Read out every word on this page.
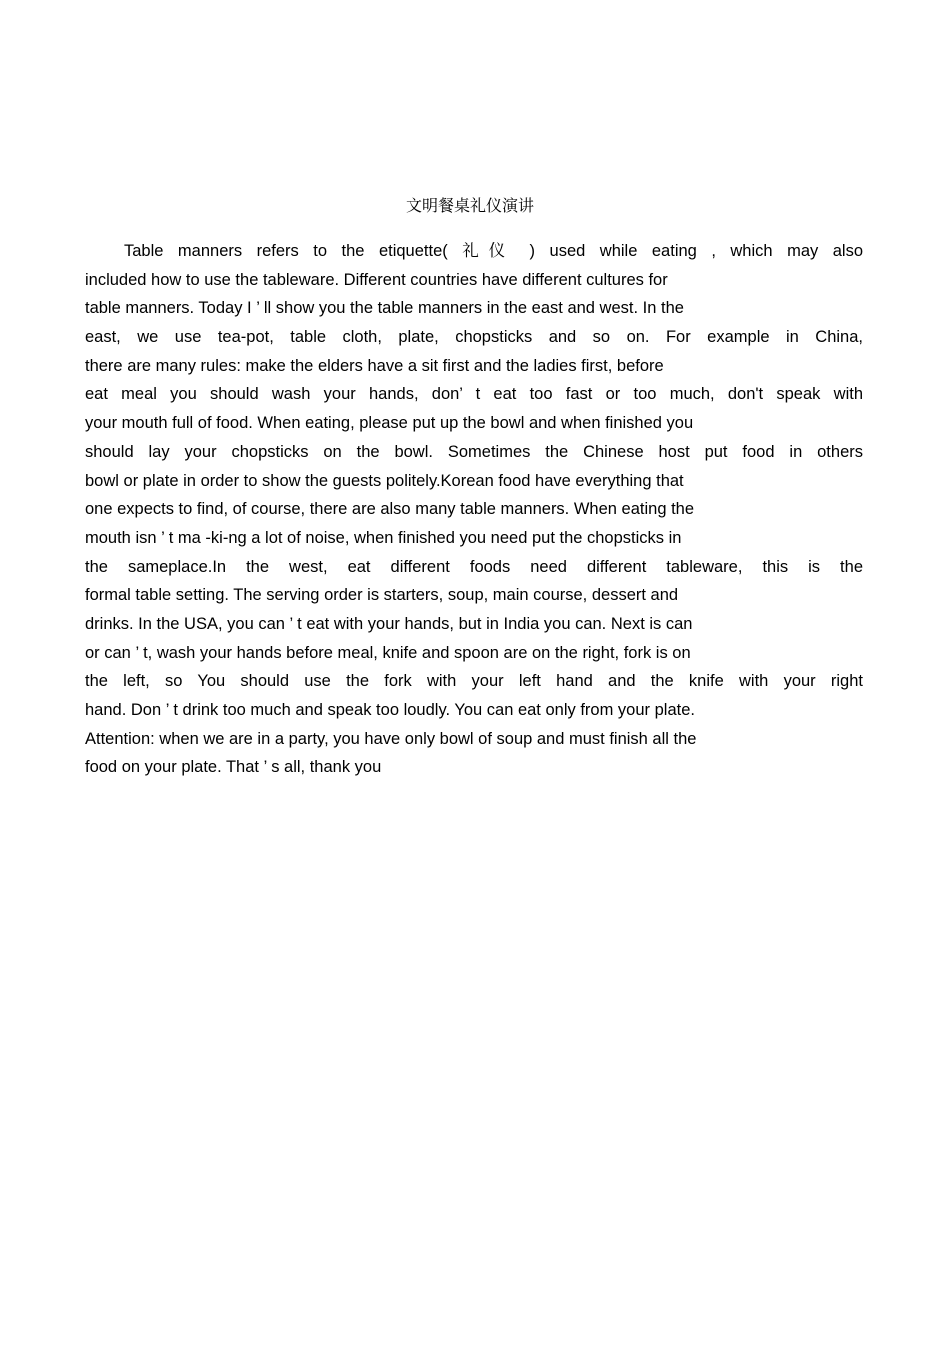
文明餐桌礼仪演讲
Table manners refers to the etiquette( 礼仪 ) used while eating , which may also
included how to use the tableware. Different countries have different cultures for
table manners. Today I ’ ll show you the table manners in the east and west. In the
east, we use tea-pot, table cloth, plate, chopsticks and so on. For example in China,
there are many rules: make the elders have a sit first and the ladies first, before
eat meal you should wash your hands, don’ t eat too fast or too much, don't speak with
your mouth full of food. When eating, please put up the bowl and when finished you
should lay your chopsticks on the bowl. Sometimes the Chinese host put food in others
bowl or plate in order to show the guests politely.Korean food have everything that
one expects to find, of course, there are also many table manners. When eating the
mouth isn ’ t ma -ki-ng a lot of noise, when finished you need put the chopsticks in
the sameplace.In the west, eat different foods need different tableware, this is the
formal table setting. The serving order is starters, soup, main course, dessert and
drinks. In the USA, you can ’ t eat with your hands, but in India you can. Next is can
or can ’ t, wash your hands before meal, knife and spoon are on the right, fork is on
the left, so You should use the fork with your left hand and the knife with your right
hand. Don ’ t drink too much and speak too loudly. You can eat only from your plate.
Attention: when we are in a party, you have only bowl of soup and must finish all the
food on your plate. That ’ s all, thank you
